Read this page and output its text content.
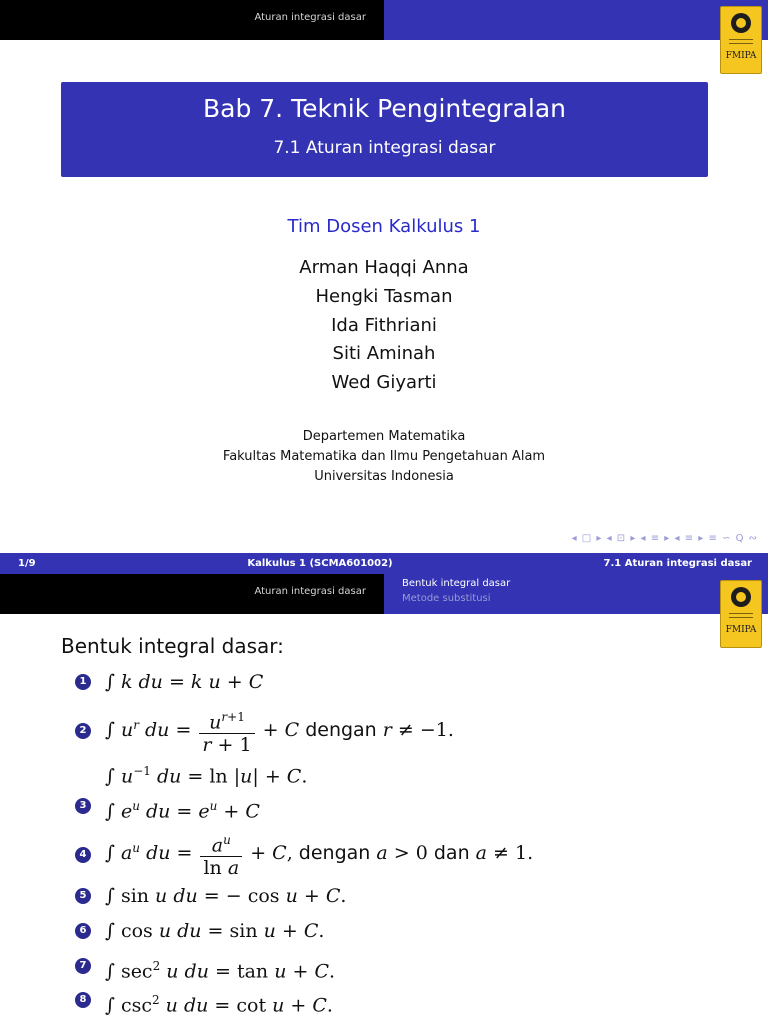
Aturan integrasi dasar
FMIPA
Bab 7. Teknik Pengintegralan
7.1 Aturan integrasi dasar
Tim Dosen Kalkulus 1
Arman Haqqi Anna
Hengki Tasman
Ida Fithriani
Siti Aminah
Wed Giyarti
Departemen Matematika
Fakultas Matematika dan Ilmu Pengetahuan Alam
Universitas Indonesia
◂ □ ▸ ◂ ⊡ ▸ ◂ ≡ ▸ ◂ ≡ ▸ ≡ ∽ Q ∾
1/9	Kalkulus 1 (SCMA601002)	7.1 Aturan integrasi dasar
Aturan integrasi dasar
Bentuk integral dasar
Metode substitusi
FMIPA
Bentuk integral dasar:
1 ∫ k du = k u + C
2 ∫ $u^r$ du = $\frac{u^{r+1}}{r + 1} + C$ dengan r ≠ −1.
∫ $u^{-1}$ du = ln |u| + C.
3 ∫ $e^u$ du = $e^u + C$
4 ∫ $a^u$ du = $\frac{a^u}{\text{ln a}} + C$, dengan a > 0 dan a ≠ 1.
5 ∫ sin u du = − cos u + C.
6 ∫ cos u du = sin u + C.
7 ∫ $\sec^2 u$ du = tan u + C.
8 ∫ $\csc^2 u$ du = cot u + C.
